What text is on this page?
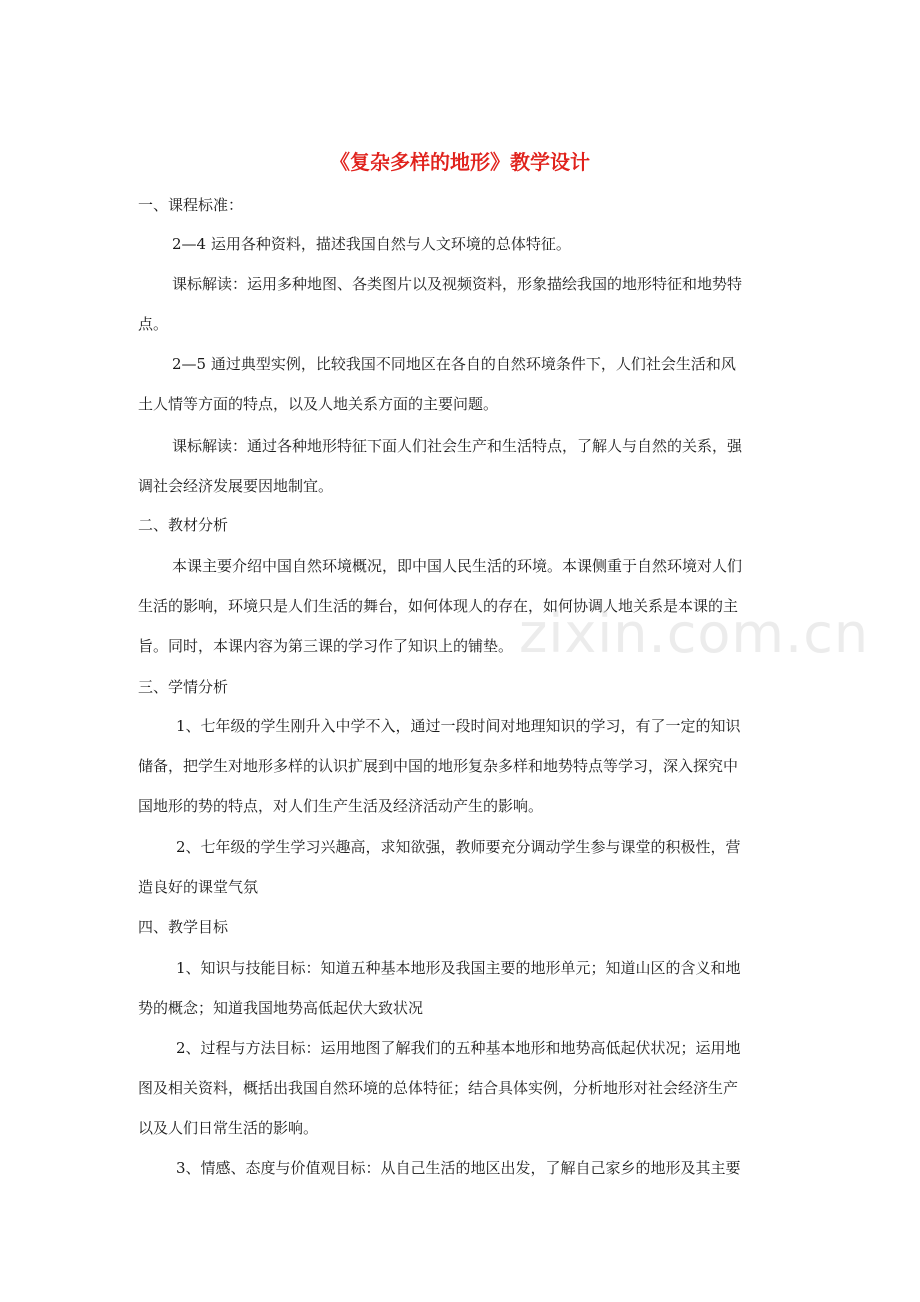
zixin.com.cn
《复杂多样的地形》教学设计
一、课程标准：
2—4 运用各种资料，描述我国自然与人文环境的总体特征。
课标解读：运用多种地图、各类图片以及视频资料，形象描绘我国的地形特征和地势特
点。
2—5 通过典型实例，比较我国不同地区在各自的自然环境条件下，人们社会生活和风
土人情等方面的特点，以及人地关系方面的主要问题。
课标解读：通过各种地形特征下面人们社会生产和生活特点，了解人与自然的关系，强
调社会经济发展要因地制宜。
二、教材分析
本课主要介绍中国自然环境概况，即中国人民生活的环境。本课侧重于自然环境对人们
生活的影响，环境只是人们生活的舞台，如何体现人的存在，如何协调人地关系是本课的主
旨。同时，本课内容为第三课的学习作了知识上的铺垫。
三、学情分析
1、七年级的学生刚升入中学不入，通过一段时间对地理知识的学习，有了一定的知识
储备，把学生对地形多样的认识扩展到中国的地形复杂多样和地势特点等学习，深入探究中
国地形的势的特点，对人们生产生活及经济活动产生的影响。
2、七年级的学生学习兴趣高，求知欲强，教师要充分调动学生参与课堂的积极性，营
造良好的课堂气氛
四、教学目标
1、知识与技能目标：知道五种基本地形及我国主要的地形单元；知道山区的含义和地
势的概念；知道我国地势高低起伏大致状况
2、过程与方法目标：运用地图了解我们的五种基本地形和地势高低起伏状况；运用地
图及相关资料，概括出我国自然环境的总体特征；结合具体实例，分析地形对社会经济生产
以及人们日常生活的影响。
3、情感、态度与价值观目标：从自己生活的地区出发，了解自己家乡的地形及其主要
